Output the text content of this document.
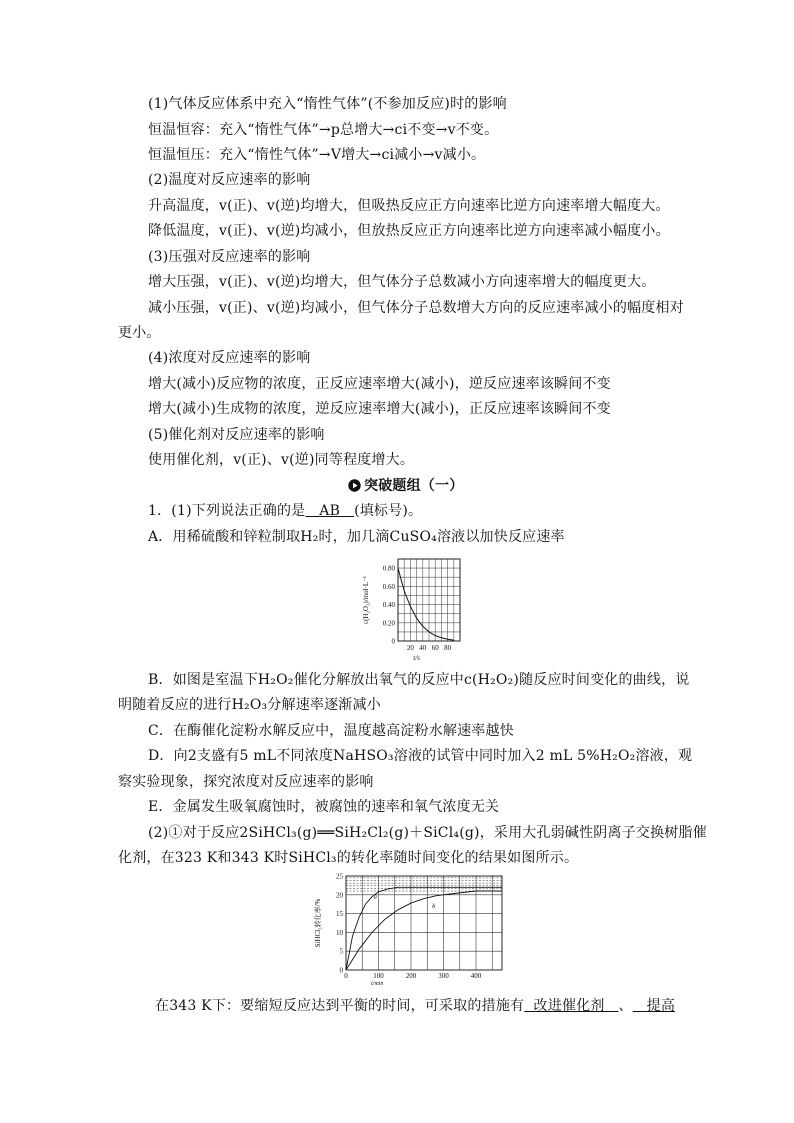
(1)气体反应体系中充入“惰性气体”(不参加反应)时的影响
恒温恒容：充入“惰性气体”→p总增大→ci不变→v不变。
恒温恒压：充入“惰性气体”→V增大→ci减小→v减小。
(2)温度对反应速率的影响
升高温度，v(正)、v(逆)均增大，但吸热反应正方向速率比逆方向速率增大幅度大。
降低温度，v(正)、v(逆)均减小，但放热反应正方向速率比逆方向速率减小幅度小。
(3)压强对反应速率的影响
增大压强，v(正)、v(逆)均增大，但气体分子总数减小方向速率增大的幅度更大。
减小压强，v(正)、v(逆)均减小，但气体分子总数增大方向的反应速率减小的幅度相对
更小。
(4)浓度对反应速率的影响
增大(减小)反应物的浓度，正反应速率增大(减小)，逆反应速率该瞬间不变
增大(减小)生成物的浓度，逆反应速率增大(减小)，正反应速率该瞬间不变
(5)催化剂对反应速率的影响
使用催化剂，v(正)、v(逆)同等程度增大。
突破题组（一）
1．(1)下列说法正确的是 AB (填标号)。
A．用稀硫酸和锌粒制取H₂时，加几滴CuSO₄溶液以加快反应速率
0
0.20
0.40
0.60
0.80
20 40 60 80
t/s
c(H₂O₂)/mol·L⁻¹
B．如图是室温下H₂O₂催化分解放出氧气的反应中c(H₂O₂)随反应时间变化的曲线，说
明随着反应的进行H₂O₃分解速率逐渐减小
C．在酶催化淀粉水解反应中，温度越高淀粉水解速率越快
D．向2支盛有5 mL不同浓度NaHSO₃溶液的试管中同时加入2 mL 5%H₂O₂溶液，观
察实验现象，探究浓度对反应速率的影响
E．金属发生吸氧腐蚀时，被腐蚀的速率和氧气浓度无关
(2)①对于反应2SiHCl₃(g)══SiH₂Cl₂(g)＋SiCl₄(g)，采用大孔弱碱性阴离子交换树脂催
化剂，在323 K和343 K时SiHCl₃的转化率随时间变化的结果如图所示。
0
5
10
15
20
25
0	100	200	300	400
t/min
SiHCl₃转化率/%
a
b
在343 K下：要缩短反应达到平衡的时间，可采取的措施有 改进催化剂 、 提高
